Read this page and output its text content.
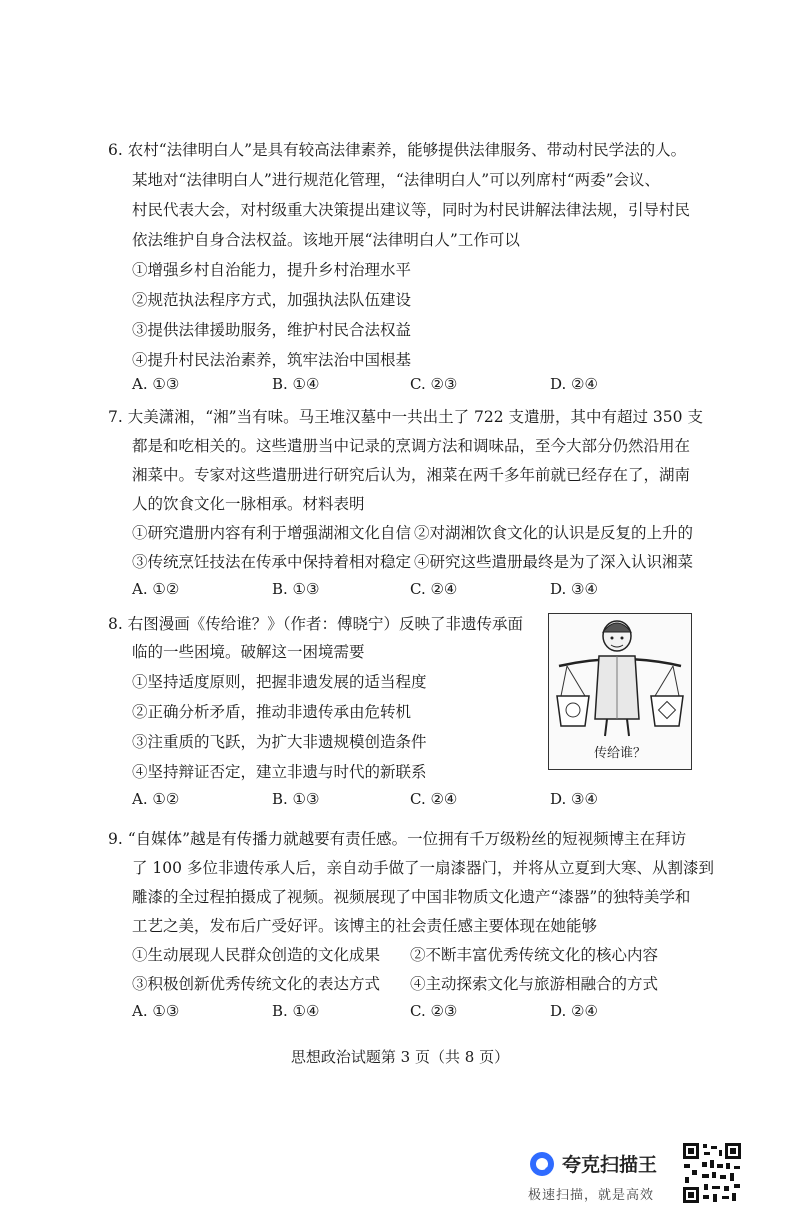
6. 农村“法律明白人”是具有较高法律素养，能够提供法律服务、带动村民学法的人。
某地对“法律明白人”进行规范化管理，“法律明白人”可以列席村“两委”会议、
村民代表大会，对村级重大决策提出建议等，同时为村民讲解法律法规，引导村民
依法维护自身合法权益。该地开展“法律明白人”工作可以
①增强乡村自治能力，提升乡村治理水平
②规范执法程序方式，加强执法队伍建设
③提供法律援助服务，维护村民合法权益
④提升村民法治素养，筑牢法治中国根基
A. ①③	B. ①④	C. ②③	D. ②④
7. 大美潇湘，“湘”当有味。马王堆汉墓中一共出土了 722 支遣册，其中有超过 350 支
都是和吃相关的。这些遣册当中记录的烹调方法和调味品，至今大部分仍然沿用在
湘菜中。专家对这些遣册进行研究后认为，湘菜在两千多年前就已经存在了，湖南
人的饮食文化一脉相承。材料表明
①研究遣册内容有利于增强湖湘文化自信 ②对湖湘饮食文化的认识是反复的上升的
③传统烹饪技法在传承中保持着相对稳定 ④研究这些遣册最终是为了深入认识湘菜
A. ①②	B. ①③	C. ②④	D. ③④
8. 右图漫画《传给谁？》（作者：傅晓宁）反映了非遗传承面
临的一些困境。破解这一困境需要
①坚持适度原则，把握非遗发展的适当程度
②正确分析矛盾，推动非遗传承由危转机
③注重质的飞跃，为扩大非遗规模创造条件
④坚持辩证否定，建立非遗与时代的新联系
A. ①②	B. ①③	C. ②④	D. ③④
传给谁？
9. “自媒体”越是有传播力就越要有责任感。一位拥有千万级粉丝的短视频博主在拜访
了 100 多位非遗传承人后，亲自动手做了一扇漆器门，并将从立夏到大寒、从割漆到
雕漆的全过程拍摄成了视频。视频展现了中国非物质文化遗产“漆器”的独特美学和
工艺之美，发布后广受好评。该博主的社会责任感主要体现在她能够
①生动展现人民群众创造的文化成果 ②不断丰富优秀传统文化的核心内容
③积极创新优秀传统文化的表达方式 ④主动探索文化与旅游相融合的方式
A. ①③	B. ①④	C. ②③	D. ②④
思想政治试题第 3 页（共 8 页）
夸克扫描王
极速扫描，就是高效
